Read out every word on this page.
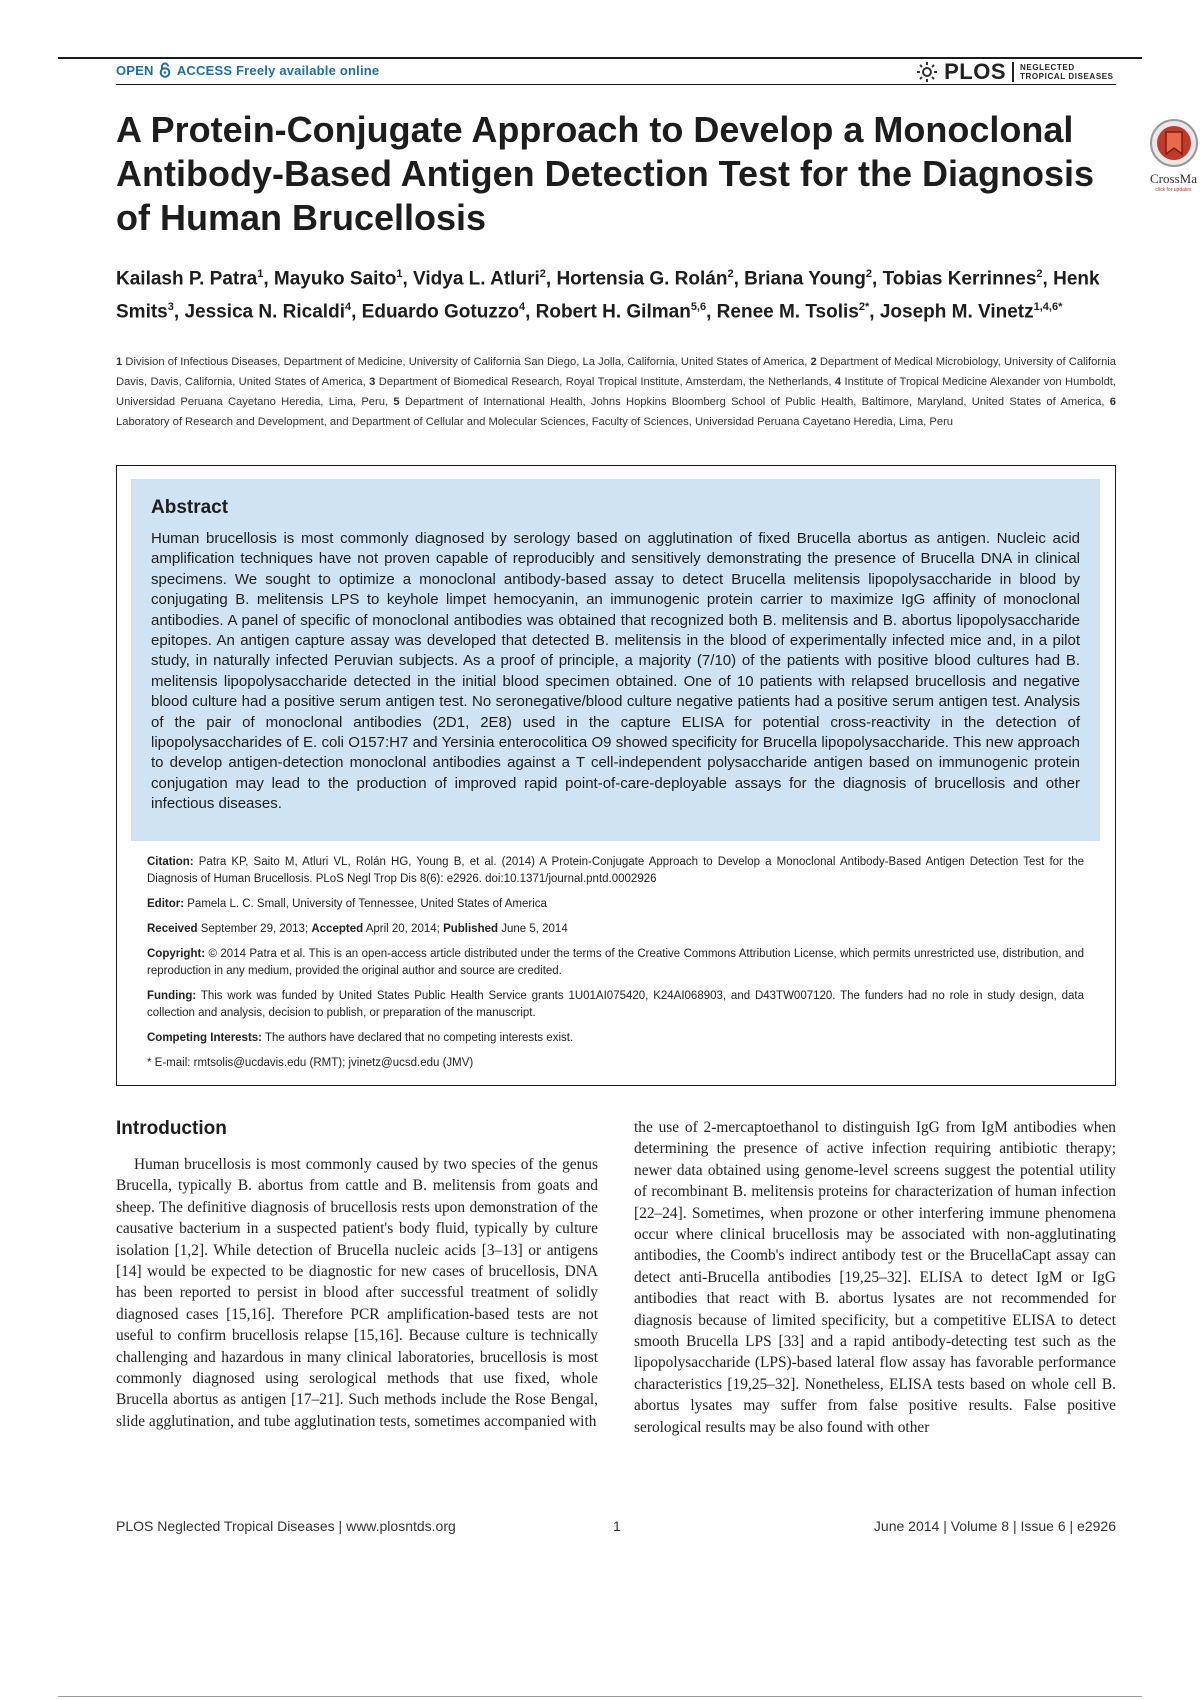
OPEN ACCESS Freely available online	PLOS NEGLECTED
TROPICAL DISEASES
A Protein-Conjugate Approach to Develop a Monoclonal Antibody-Based Antigen Detection Test for the Diagnosis of Human Brucellosis
CrossMa
click for updates
Kailash P. Patra$^1$, Mayuko Saito$^1$, Vidya L. Atluri$^2$, Hortensia G. Rolán$^2$, Briana Young$^2$, Tobias Kerrinnes$^2$, Henk Smits$^3$, Jessica N. Ricaldi$^4$, Eduardo Gotuzzo$^4$, Robert H. Gilman$^{5,6}$, Renee M. Tsolis$^{2*}$, Joseph M. Vinetz$^{1,4,6*}$
1 Division of Infectious Diseases, Department of Medicine, University of California San Diego, La Jolla, California, United States of America, 2 Department of Medical Microbiology, University of California Davis, Davis, California, United States of America, 3 Department of Biomedical Research, Royal Tropical Institute, Amsterdam, the Netherlands, 4 Institute of Tropical Medicine Alexander von Humboldt, Universidad Peruana Cayetano Heredia, Lima, Peru, 5 Department of International Health, Johns Hopkins Bloomberg School of Public Health, Baltimore, Maryland, United States of America, 6 Laboratory of Research and Development, and Department of Cellular and Molecular Sciences, Faculty of Sciences, Universidad Peruana Cayetano Heredia, Lima, Peru
Abstract
Human brucellosis is most commonly diagnosed by serology based on agglutination of fixed Brucella abortus as antigen. Nucleic acid amplification techniques have not proven capable of reproducibly and sensitively demonstrating the presence of Brucella DNA in clinical specimens. We sought to optimize a monoclonal antibody-based assay to detect Brucella melitensis lipopolysaccharide in blood by conjugating B. melitensis LPS to keyhole limpet hemocyanin, an immunogenic protein carrier to maximize IgG affinity of monoclonal antibodies. A panel of specific of monoclonal antibodies was obtained that recognized both B. melitensis and B. abortus lipopolysaccharide epitopes. An antigen capture assay was developed that detected B. melitensis in the blood of experimentally infected mice and, in a pilot study, in naturally infected Peruvian subjects. As a proof of principle, a majority (7/10) of the patients with positive blood cultures had B. melitensis lipopolysaccharide detected in the initial blood specimen obtained. One of 10 patients with relapsed brucellosis and negative blood culture had a positive serum antigen test. No seronegative/blood culture negative patients had a positive serum antigen test. Analysis of the pair of monoclonal antibodies (2D1, 2E8) used in the capture ELISA for potential cross-reactivity in the detection of lipopolysaccharides of E. coli O157:H7 and Yersinia enterocolitica O9 showed specificity for Brucella lipopolysaccharide. This new approach to develop antigen-detection monoclonal antibodies against a T cell-independent polysaccharide antigen based on immunogenic protein conjugation may lead to the production of improved rapid point-of-care-deployable assays for the diagnosis of brucellosis and other infectious diseases.

Citation: Patra KP, Saito M, Atluri VL, Rolán HG, Young B, et al. (2014) A Protein-Conjugate Approach to Develop a Monoclonal Antibody-Based Antigen Detection Test for the Diagnosis of Human Brucellosis. PLoS Negl Trop Dis 8(6): e2926. doi:10.1371/journal.pntd.0002926

Editor: Pamela L. C. Small, University of Tennessee, United States of America

Received September 29, 2013; Accepted April 20, 2014; Published June 5, 2014

Copyright: © 2014 Patra et al. This is an open-access article distributed under the terms of the Creative Commons Attribution License, which permits unrestricted use, distribution, and reproduction in any medium, provided the original author and source are credited.

Funding: This work was funded by United States Public Health Service grants 1U01AI075420, K24AI068903, and D43TW007120. The funders had no role in study design, data collection and analysis, decision to publish, or preparation of the manuscript.

Competing Interests: The authors have declared that no competing interests exist.

* E-mail: rmtsolis@ucdavis.edu (RMT); jvinetz@ucsd.edu (JMV)

Introduction
Human brucellosis is most commonly caused by two species of the genus Brucella, typically B. abortus from cattle and B. melitensis from goats and sheep. The definitive diagnosis of brucellosis rests upon demonstration of the causative bacterium in a suspected patient's body fluid, typically by culture isolation [1,2]. While detection of Brucella nucleic acids [3–13] or antigens [14] would be expected to be diagnostic for new cases of brucellosis, DNA has been reported to persist in blood after successful treatment of solidly diagnosed cases [15,16]. Therefore PCR amplification-based tests are not useful to confirm brucellosis relapse [15,16]. Because culture is technically challenging and hazardous in many clinical laboratories, brucellosis is most commonly diagnosed using serological methods that use fixed, whole Brucella abortus as antigen [17–21]. Such methods include the Rose Bengal, slide agglutination, and tube agglutination tests, sometimes accompanied with
the use of 2-mercaptoethanol to distinguish IgG from IgM antibodies when determining the presence of active infection requiring antibiotic therapy; newer data obtained using genome-level screens suggest the potential utility of recombinant B. melitensis proteins for characterization of human infection [22–24]. Sometimes, when prozone or other interfering immune phenomena occur where clinical brucellosis may be associated with non-agglutinating antibodies, the Coomb's indirect antibody test or the BrucellaCapt assay can detect anti-Brucella antibodies [19,25–32]. ELISA to detect IgM or IgG antibodies that react with B. abortus lysates are not recommended for diagnosis because of limited specificity, but a competitive ELISA to detect smooth Brucella LPS [33] and a rapid antibody-detecting test such as the lipopolysaccharide (LPS)-based lateral flow assay has favorable performance characteristics [19,25–32]. Nonetheless, ELISA tests based on whole cell B. abortus lysates may suffer from false positive results. False positive serological results may be also found with other
PLOS Neglected Tropical Diseases | www.plosntds.org	1	June 2014 | Volume 8 | Issue 6 | e2926
